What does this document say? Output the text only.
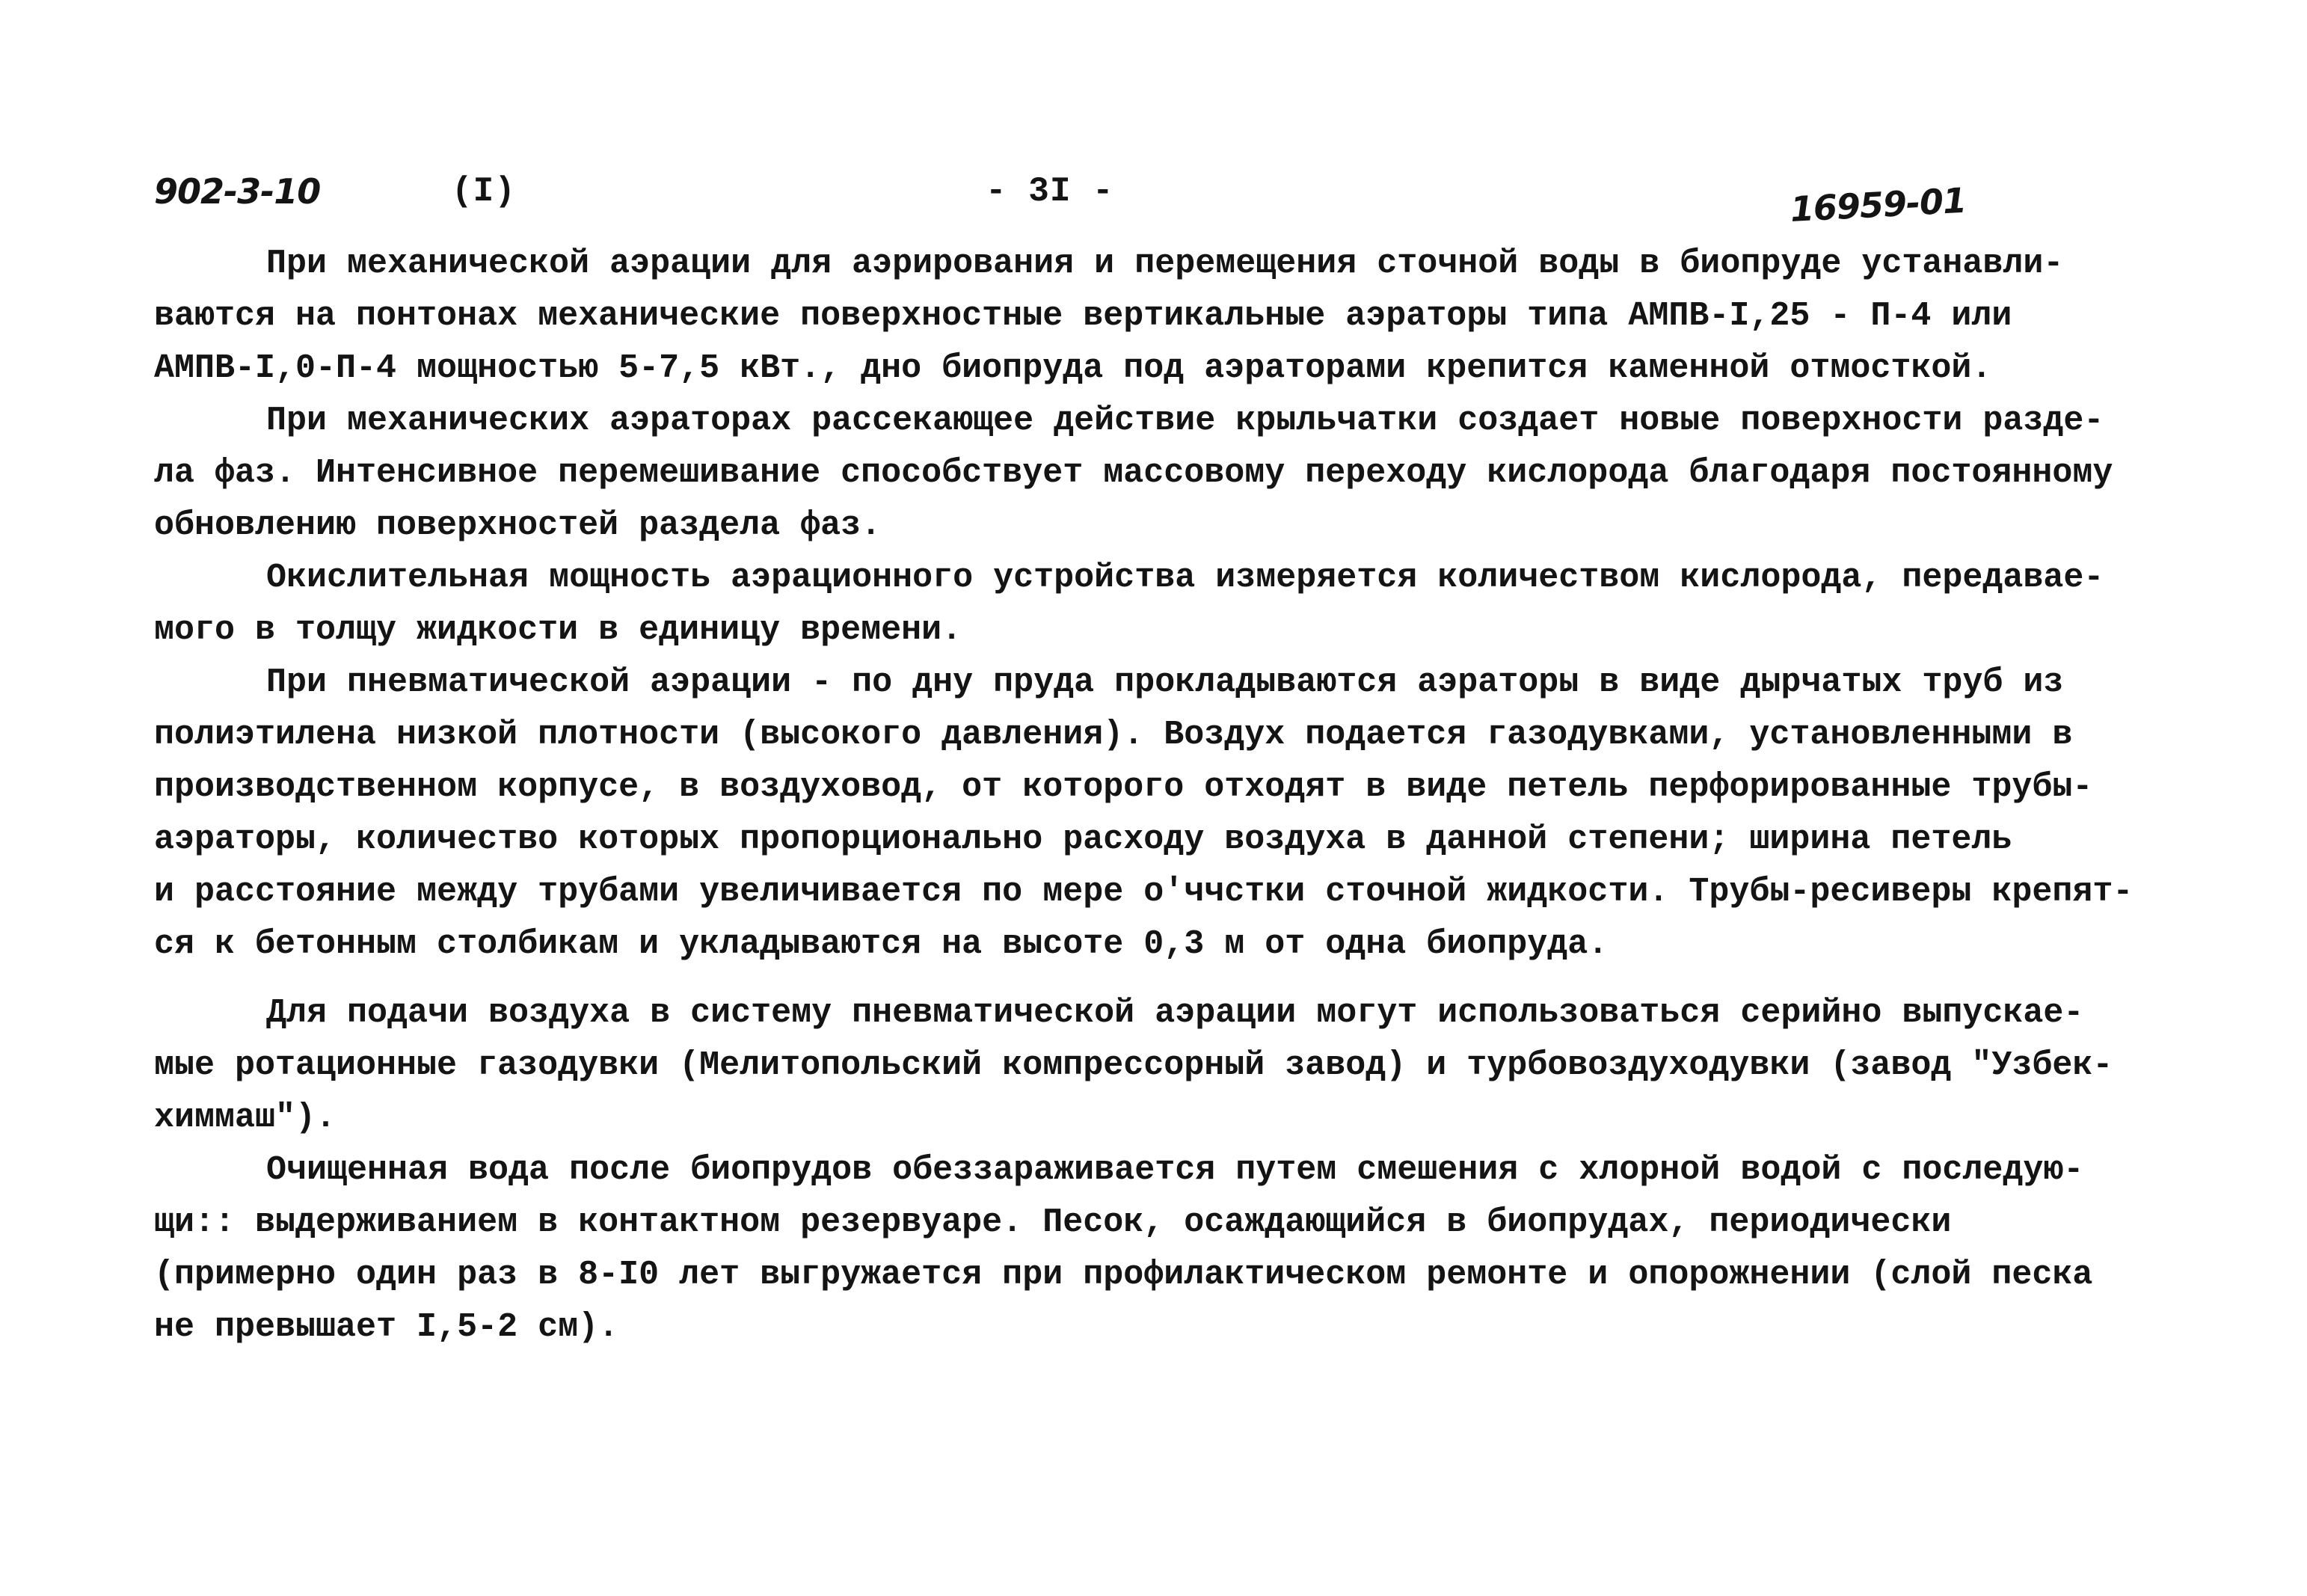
902-3-10	(I)	- 3I -	16959-01

При механической аэрации для аэрирования и перемещения сточной воды в биопруде устанавли-
ваются на понтонах механические поверхностные вертикальные аэраторы типа АМПВ-I,25 - П-4 или
АМПВ-I,0-П-4 мощностью 5-7,5 кВт., дно биопруда под аэраторами крепится каменной отмосткой.

При механических аэраторах рассекающее действие крыльчатки создает новые поверхности разде-
ла фаз. Интенсивное перемешивание способствует массовому переходу кислорода благодаря постоянному
обновлению поверхностей раздела фаз.

Окислительная мощность аэрационного устройства измеряется количеством кислорода, передавае-
мого в толщу жидкости в единицу времени.

При пневматической аэрации - по дну пруда прокладываются аэраторы в виде дырчатых труб из
полиэтилена низкой плотности (высокого давления). Воздух подается газодувками, установленными в
производственном корпусе, в воздуховод, от которого отходят в виде петель перфорированные трубы-
аэраторы, количество которых пропорционально расходу воздуха в данной степени; ширина петель
и расстояние между трубами увеличивается по мере о'ччстки сточной жидкости. Трубы-ресиверы крепят-
ся к бетонным столбикам и укладываются на высоте 0,3 м от одна биопруда.

Для подачи воздуха в систему пневматической аэрации могут использоваться серийно выпускае-
мые ротационные газодувки (Мелитопольский компрессорный завод) и турбовоздуходувки (завод "Узбек-
химмаш").

Очищенная вода после биопрудов обеззараживается путем смешения с хлорной водой с последую-
щи:: выдерживанием в контактном резервуаре. Песок, осаждающийся в биопрудах, периодически
(примерно один раз в 8-I0 лет выгружается при профилактическом ремонте и опорожнении (слой песка
не превышает I,5-2 см).
